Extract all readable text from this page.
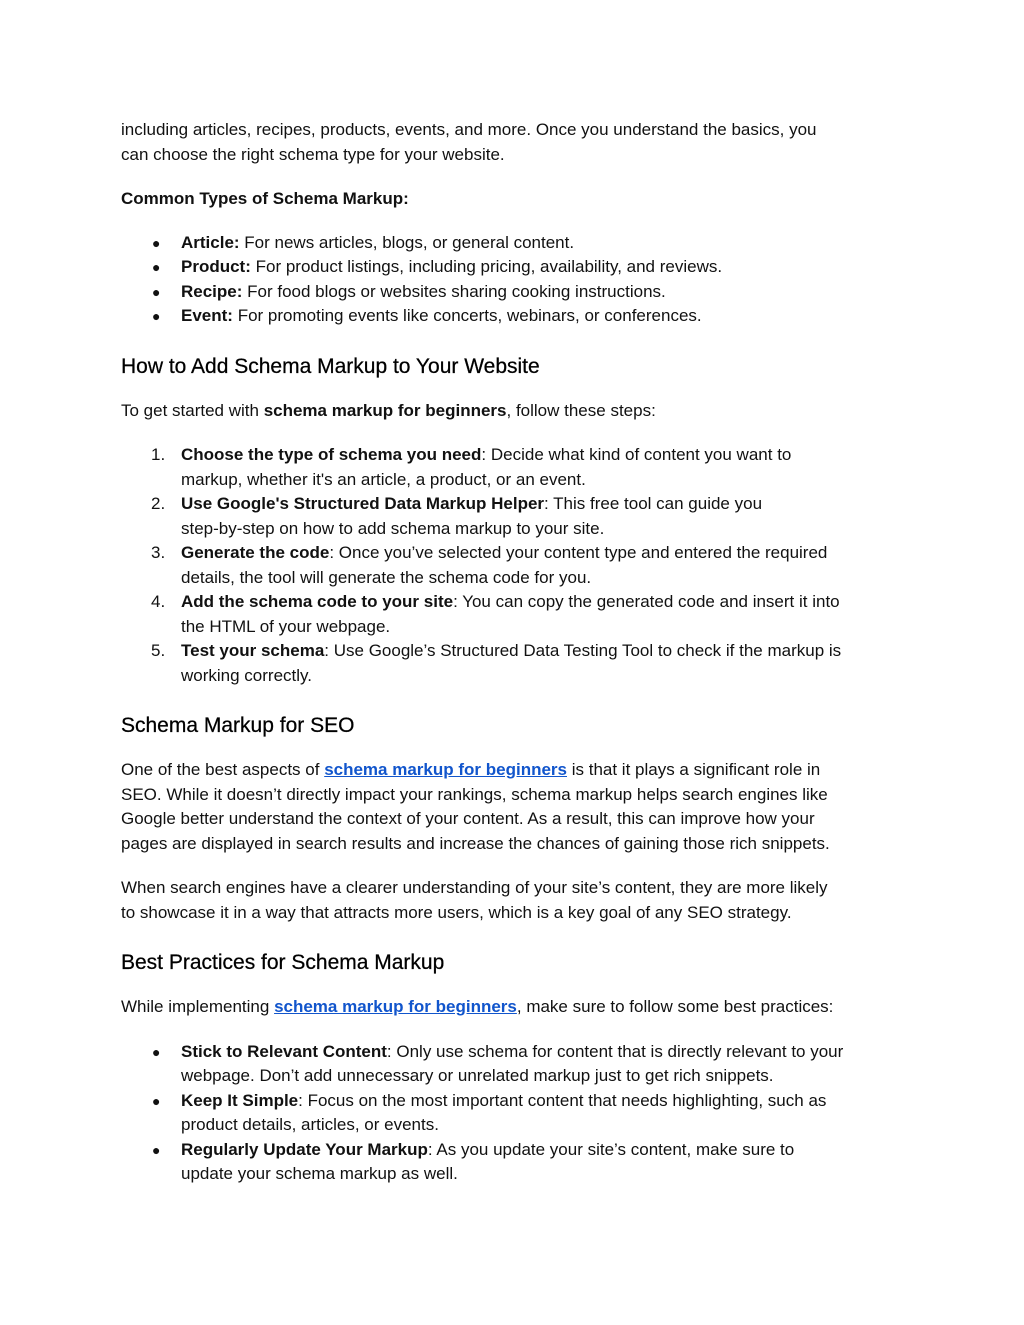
including articles, recipes, products, events, and more. Once you understand the basics, you
can choose the right schema type for your website.

Common Types of Schema Markup:

● Article: For news articles, blogs, or general content.
● Product: For product listings, including pricing, availability, and reviews.
● Recipe: For food blogs or websites sharing cooking instructions.
● Event: For promoting events like concerts, webinars, or conferences.
How to Add Schema Markup to Your Website

To get started with schema markup for beginners, follow these steps:

1. Choose the type of schema you need: Decide what kind of content you want to
markup, whether it's an article, a product, or an event.
2. Use Google's Structured Data Markup Helper: This free tool can guide you
step-by-step on how to add schema markup to your site.
3. Generate the code: Once you’ve selected your content type and entered the required
details, the tool will generate the schema code for you.
4. Add the schema code to your site: You can copy the generated code and insert it into
the HTML of your webpage.
5. Test your schema: Use Google’s Structured Data Testing Tool to check if the markup is
working correctly.
Schema Markup for SEO

One of the best aspects of schema markup for beginners is that it plays a significant role in
SEO. While it doesn’t directly impact your rankings, schema markup helps search engines like
Google better understand the context of your content. As a result, this can improve how your
pages are displayed in search results and increase the chances of gaining those rich snippets.

When search engines have a clearer understanding of your site’s content, they are more likely
to showcase it in a way that attracts more users, which is a key goal of any SEO strategy.

Best Practices for Schema Markup

While implementing schema markup for beginners, make sure to follow some best practices:

● Stick to Relevant Content: Only use schema for content that is directly relevant to your
webpage. Don’t add unnecessary or unrelated markup just to get rich snippets.
● Keep It Simple: Focus on the most important content that needs highlighting, such as
product details, articles, or events.
● Regularly Update Your Markup: As you update your site’s content, make sure to
update your schema markup as well.
